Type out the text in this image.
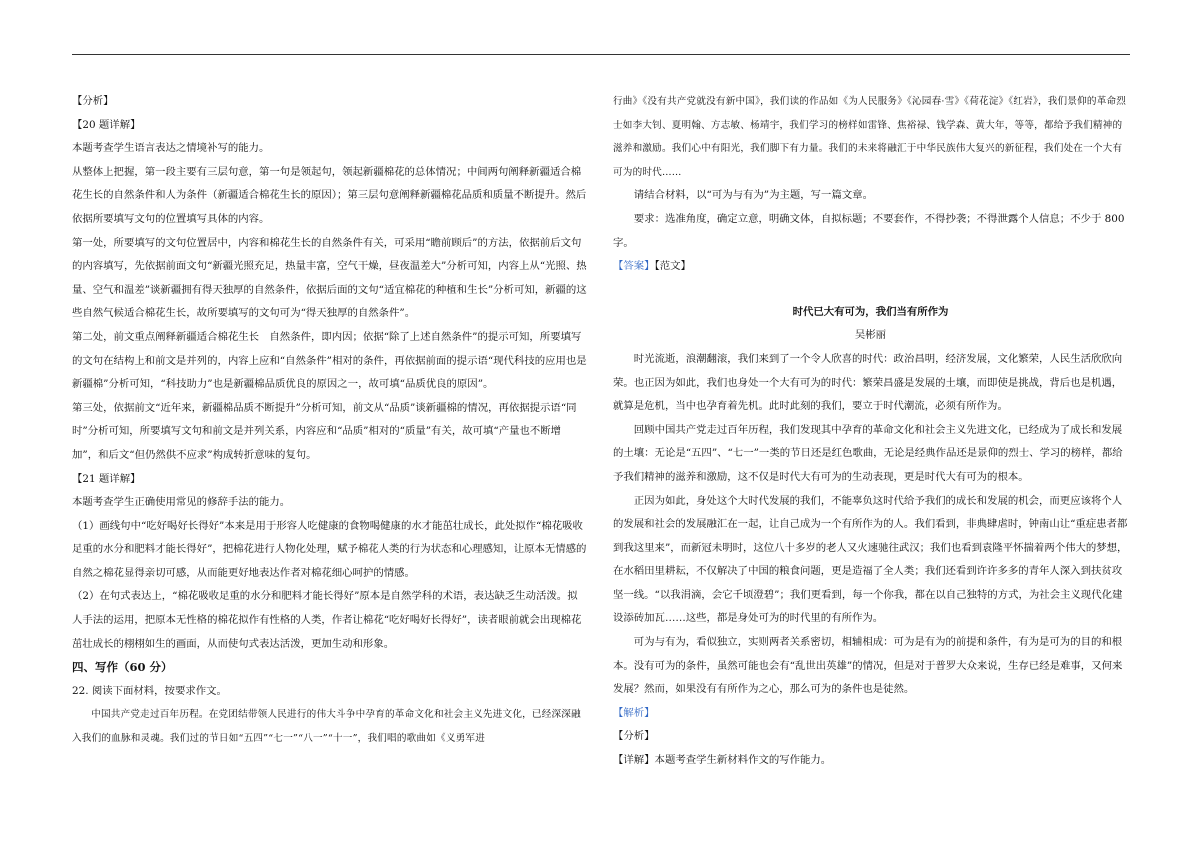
【分析】

【20 题详解】

本题考查学生语言表达之情境补写的能力。

从整体上把握，第一段主要有三层句意，第一句是领起句，领起新疆棉花的总体情况；中间两句阐释新疆适合棉花生长的自然条件和人为条件（新疆适合棉花生长的原因）；第三层句意阐释新疆棉花品质和质量不断提升。然后依据所要填写文句的位置填写具体的内容。

第一处，所要填写的文句位置居中，内容和棉花生长的自然条件有关，可采用“瞻前顾后”的方法，依据前后文句的内容填写，先依据前面文句“新疆光照充足，热量丰富，空气干燥，昼夜温差大”分析可知，内容上从“光照、热量、空气和温差”谈新疆拥有得天独厚的自然条件，依据后面的文句“适宜棉花的种植和生长”分析可知，新疆的这些自然气候适合棉花生长，故所要填写的文句可为“得天独厚的自然条件”。

第二处，前文重点阐释新疆适合棉花生长　自然条件，即内因；依据“除了上述自然条件”的提示可知，所要填写的文句在结构上和前文是并列的，内容上应和“自然条件”相对的条件，再依据前面的提示语“现代科技的应用也是新疆棉”分析可知，“科技助力”也是新疆棉品质优良的原因之一，故可填“品质优良的原因”。

第三处，依据前文“近年来，新疆棉品质不断提升”分析可知，前文从“品质”谈新疆棉的情况，再依据提示语“同时”分析可知，所要填写文句和前文是并列关系，内容应和“品质”相对的“质量”有关，故可填“产量也不断增加”，和后文“但仍然供不应求”构成转折意味的复句。

【21 题详解】

本题考查学生正确使用常见的修辞手法的能力。

（1）画线句中“吃好喝好长得好”本来是用于形容人吃健康的食物喝健康的水才能茁壮成长，此处拟作“棉花吸收足重的水分和肥料才能长得好”，把棉花进行人物化处理，赋予棉花人类的行为状态和心理感知，让原本无情感的自然之棉花显得亲切可感，从而能更好地表达作者对棉花细心呵护的情感。

（2）在句式表达上，“棉花吸收足重的水分和肥料才能长得好”原本是自然学科的术语，表达缺乏生动活泼。拟人手法的运用，把原本无性格的棉花拟作有性格的人类，作者让棉花“吃好喝好长得好”，读者眼前就会出现棉花茁壮成长的栩栩如生的画面，从而使句式表达活泼，更加生动和形象。

四、写作（60 分）

22. 阅读下面材料，按要求作文。

中国共产党走过百年历程。在党团结带领人民进行的伟大斗争中孕育的革命文化和社会主义先进文化，已经深深融入我们的血脉和灵魂。我们过的节日如“五四”“七一”“八一”“十一”，我们唱的歌曲如《义勇军进

行曲》《没有共产党就没有新中国》，我们读的作品如《为人民服务》《沁园春·雪》《荷花淀》《红岩》，我们景仰的革命烈士如李大钊、夏明翰、方志敏、杨靖宇，我们学习的榜样如雷锋、焦裕禄、钱学森、黄大年，等等，都给予我们精神的滋养和激励。我们心中有阳光，我们脚下有力量。我们的未来将融汇于中华民族伟大复兴的新征程，我们处在一个大有可为的时代……

请结合材料，以“可为与有为”为主题，写一篇文章。

要求：选准角度，确定立意，明确文体，自拟标题；不要套作，不得抄袭；不得泄露个人信息；不少于 800 字。

【答案】【范文】

时代已大有可为，我们当有所作为

吴彬丽

时光流逝，浪潮翻滚，我们来到了一个令人欣喜的时代：政治昌明，经济发展，文化繁荣，人民生活欣欣向荣。也正因为如此，我们也身处一个大有可为的时代：繁荣昌盛是发展的土壤，而即使是挑战，背后也是机遇，就算是危机，当中也孕育着先机。此时此刻的我们，要立于时代潮流，必须有所作为。

回顾中国共产党走过百年历程，我们发现其中孕育的革命文化和社会主义先进文化，已经成为了成长和发展的土壤：无论是“五四”、“七一”一类的节日还是红色歌曲，无论是经典作品还是景仰的烈士、学习的榜样，都给予我们精神的滋养和激励，这不仅是时代大有可为的生动表现，更是时代大有可为的根本。

正因为如此，身处这个大时代发展的我们，不能辜负这时代给予我们的成长和发展的机会，而更应该将个人的发展和社会的发展融汇在一起，让自己成为一个有所作为的人。我们看到，非典肆虐时，钟南山让“重症患者都到我这里来”，而新冠未明时，这位八十多岁的老人又火速驰往武汉；我们也看到袁隆平怀揣着两个伟大的梦想，在水稻田里耕耘，不仅解决了中国的粮食问题，更是造福了全人类；我们还看到许许多多的青年人深入到扶贫攻坚一线。“以我涓滴，会它千顷澄碧”；我们更看到，每一个你我，都在以自己独特的方式，为社会主义现代化建设添砖加瓦……这些，都是身处可为的时代里的有所作为。

可为与有为，看似独立，实则两者关系密切，相辅相成：可为是有为的前提和条件，有为是可为的目的和根本。没有可为的条件，虽然可能也会有“乱世出英雄”的情况，但是对于普罗大众来说，生存已经是难事，又何来发展？然而，如果没有有所作为之心，那么可为的条件也是徒然。

【解析】

【分析】

【详解】本题考查学生新材料作文的写作能力。
